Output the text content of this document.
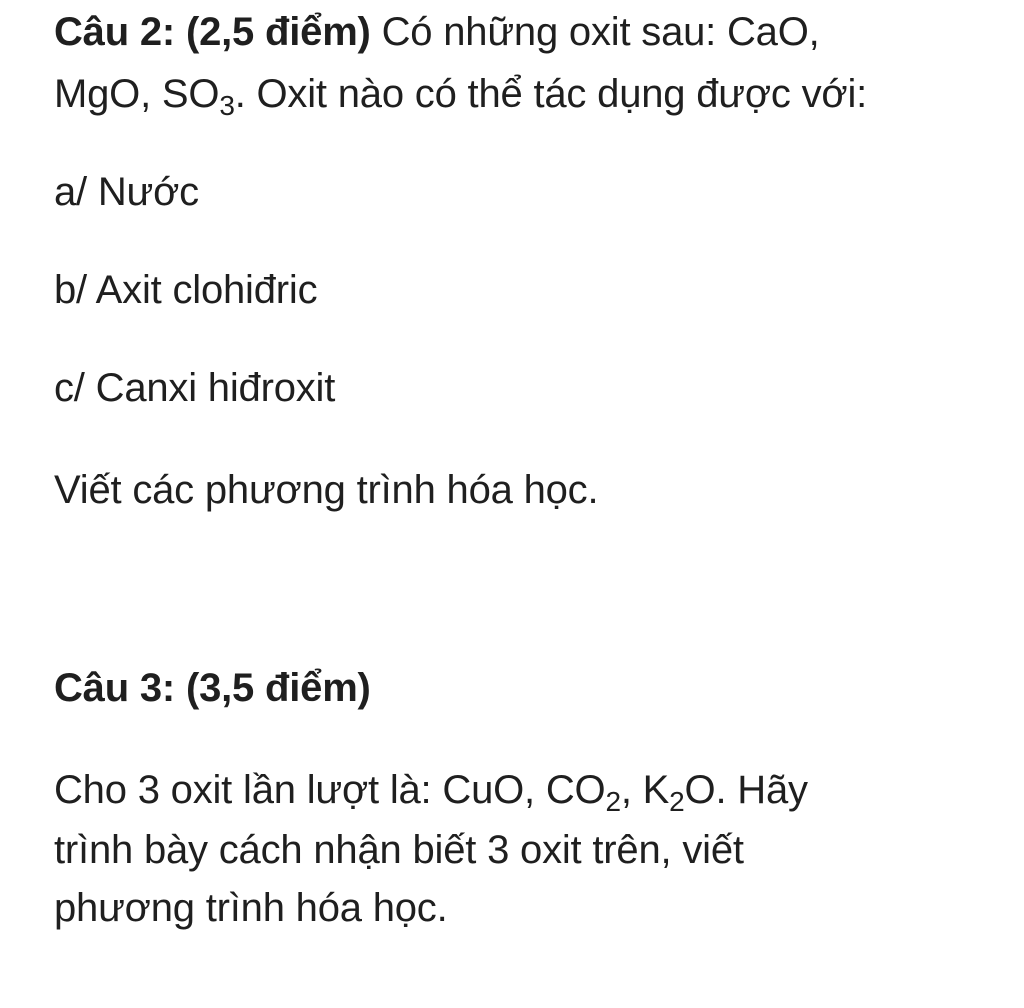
Câu 2: (2,5 điểm) Có những oxit sau: CaO,
MgO, $SO_3$. Oxit nào có thể tác dụng được với:
a/ Nước
b/ Axit clohiđric
c/ Canxi hiđroxit
Viết các phương trình hóa học.
Câu 3: (3,5 điểm)
Cho 3 oxit lần lượt là: CuO, $CO_2$, $K_2O$. Hãy
trình bày cách nhận biết 3 oxit trên, viết
phương trình hóa học.
